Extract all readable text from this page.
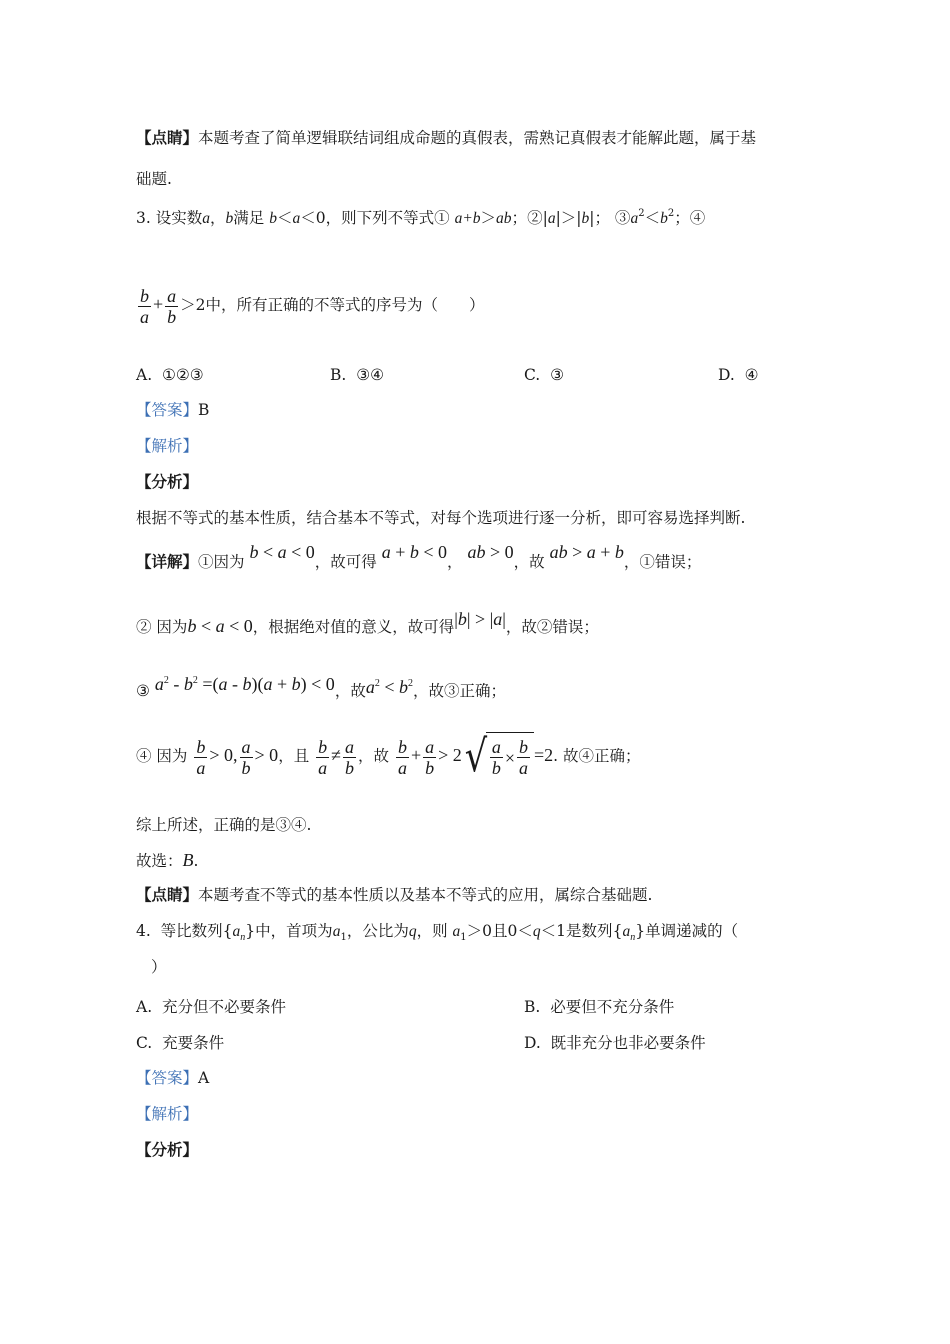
【点睛】本题考查了简单逻辑联结词组成命题的真假表，需熟记真假表才能解此题，属于基
础题.
3. 设实数a，b满足 b＜a＜0，则下列不等式① a+b＞ab；②|a|＞|b|； $③a^2<b^2$；④
$\frac{b}{a} + \frac{a}{b} >2$中，所有正确的不等式的序号为（　　）
A. ①②③	B. ③④	C. ③	D. ④
【答案】B
【解析】
【分析】
根据不等式的基本性质，结合基本不等式，对每个选项进行逐一分析，即可容易选择判断.
【详解】①因为 b < a < 0，故可得 a + b < 0， ab > 0，故 ab > a + b，①错误；
② 因为b < a < 0，根据绝对值的意义，故可得|b| > |a|，故②错误；
③ $a^2 - b^2 =(a - b)(a + b) < 0$，故$a^2 < b^2$，故③正确；
④ 因为 $\frac{b}{a} > 0$, $\frac{a}{b} > 0$，且 $\frac{b}{a} \ne \frac{a}{b}$ ，故 $\frac{b}{a} + \frac{a}{b} > 2$ √ $\frac{a}{b} \times \frac{b}{a} =2$. 故④正确；
综上所述，正确的是③④.
故选：B.
【点睛】本题考查不等式的基本性质以及基本不等式的应用，属综合基础题.
4. 等比数列$\{a_n\}$中，首项为$a_1$，公比为q，则 $a_1>0$且0＜q＜1是数列$\{a_n\}$单调递减的（
）
A. 充分但不必要条件	B. 必要但不充分条件
C. 充要条件	D. 既非充分也非必要条件
【答案】A
【解析】
【分析】
